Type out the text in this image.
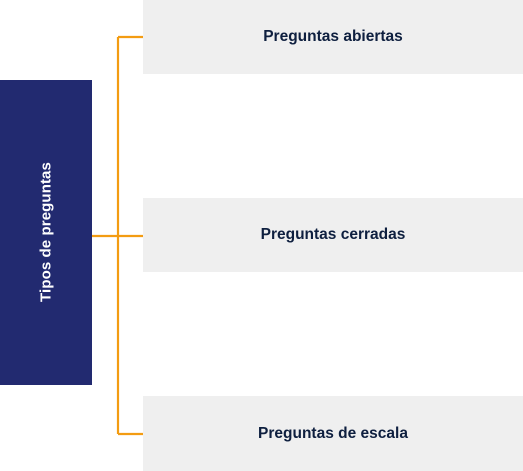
Tipos de preguntas
Preguntas abiertas
Preguntas cerradas
Preguntas de escala
